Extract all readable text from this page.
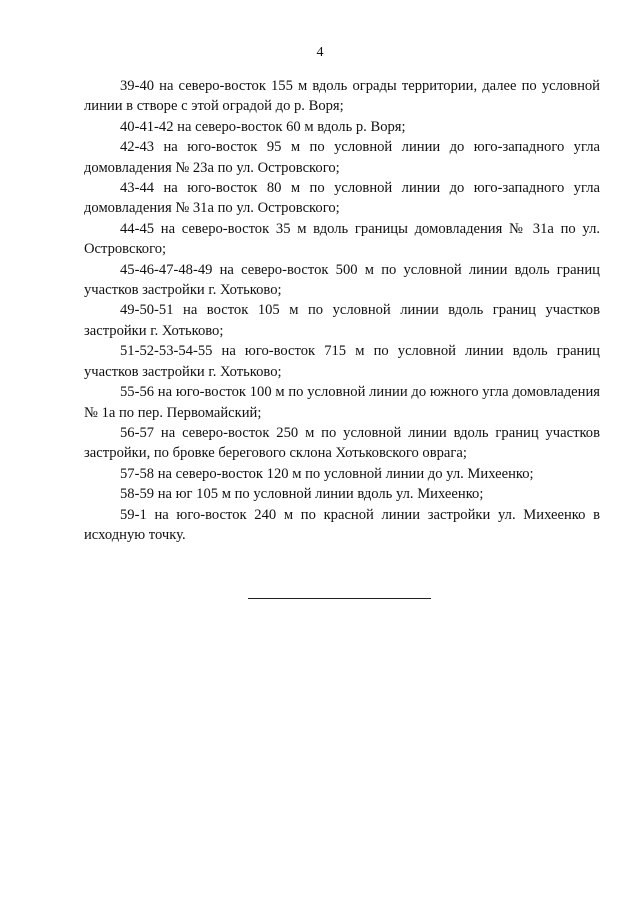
4

39-40 на северо-восток 155 м вдоль ограды территории, далее по условной линии в створе с этой оградой до р. Воря;

40-41-42 на северо-восток 60 м вдоль р. Воря;

42-43 на юго-восток 95 м по условной линии до юго-западного угла домовладения № 23а по ул. Островского;

43-44 на юго-восток 80 м по условной линии до юго-западного угла домовладения № 31а по ул. Островского;

44-45 на северо-восток 35 м вдоль границы домовладения № 31а по ул. Островского;

45-46-47-48-49 на северо-восток 500 м по условной линии вдоль границ участков застройки г. Хотьково;

49-50-51 на восток 105 м по условной линии вдоль границ участков застройки г. Хотьково;

51-52-53-54-55 на юго-восток 715 м по условной линии вдоль границ участков застройки г. Хотьково;

55-56 на юго-восток 100 м по условной линии до южного угла домовладения № 1а по пер. Первомайский;

56-57 на северо-восток 250 м по условной линии вдоль границ участков застройки, по бровке берегового склона Хотьковского оврага;

57-58 на северо-восток 120 м по условной линии до ул. Михеенко;

58-59 на юг 105 м по условной линии вдоль ул. Михеенко;

59-1 на юго-восток 240 м по красной линии застройки ул. Михеенко в исходную точку.
